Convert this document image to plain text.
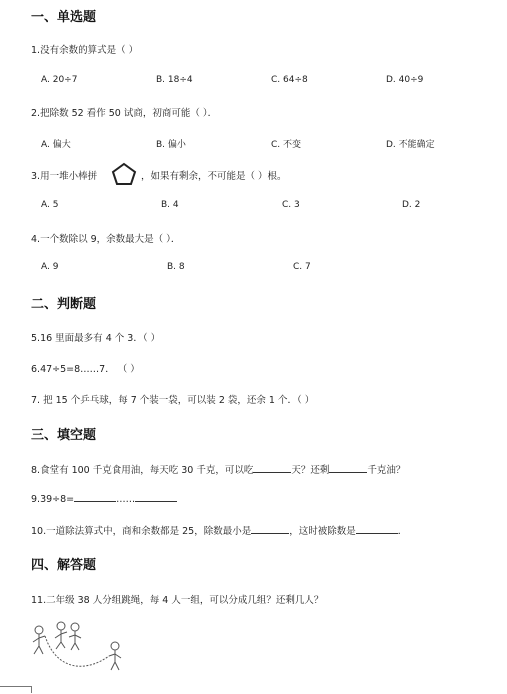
一、单选题
1.没有余数的算式是（ ）
A. 20÷7	B. 18÷4	C. 64÷8	D. 40÷9
2.把除数 52 看作 50 试商，初商可能（ ）．
A. 偏大	B. 偏小	C. 不变	D. 不能确定
3.用一堆小棒拼	，如果有剩余，不可能是（ ）根。
A. 5	B. 4	C. 3	D. 2
4.一个数除以 9，余数最大是（ ）．
A. 9	B. 8	C. 7
二、判断题
5.16 里面最多有 4 个 3．（ ）
6.47÷5=8……7． （ ）
7. 把 15 个乒乓球，每 7 个装一袋，可以装 2 袋，还余 1 个．（ ）
三、填空题
8.食堂有 100 千克食用油，每天吃 30 千克，可以吃	天？还剩	千克油？
9.39÷8=	……
10.一道除法算式中，商和余数都是 25，除数最小是	，这时被除数是	．
四、解答题
11.二年级 38 人分组跳绳，每 4 人一组，可以分成几组？还剩几人？
